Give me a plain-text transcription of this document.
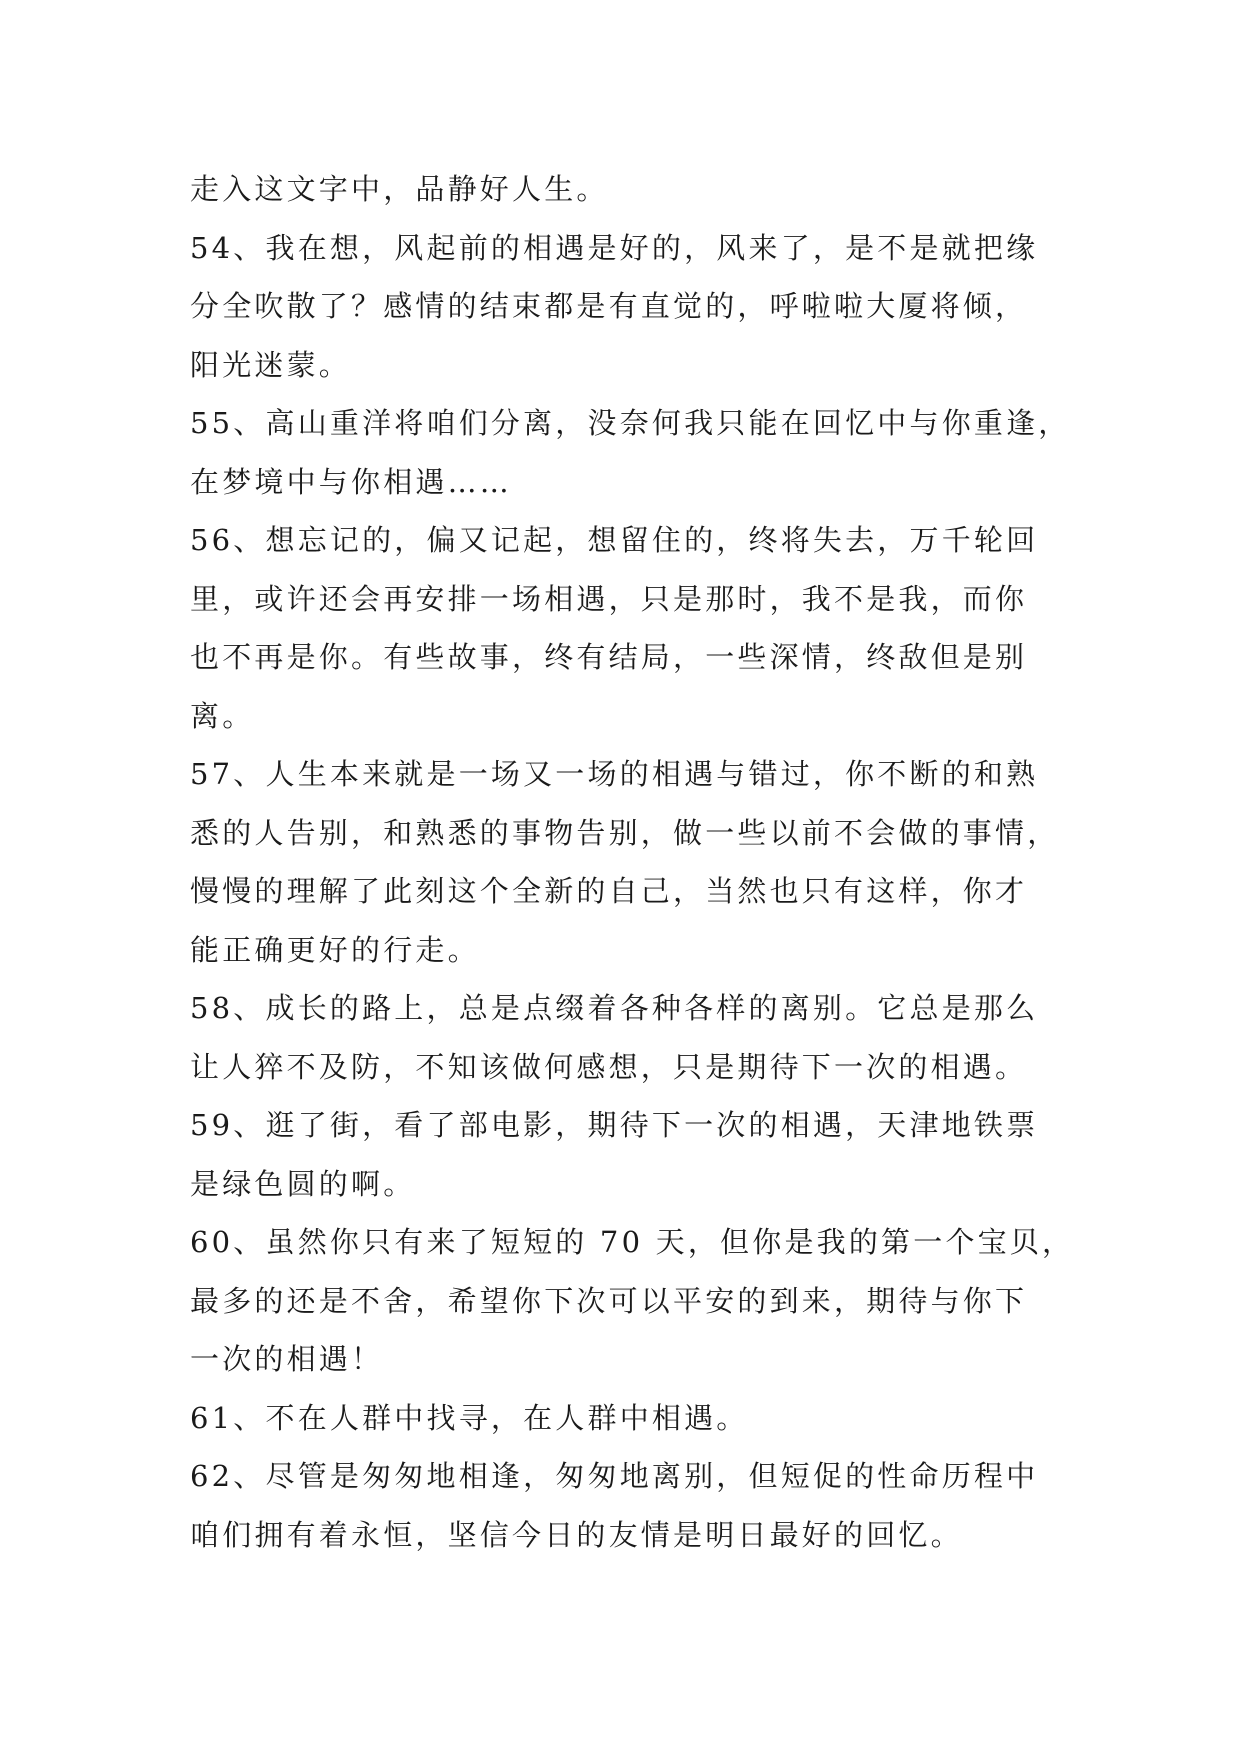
走入这文字中，品静好人生。
54、我在想，风起前的相遇是好的，风来了，是不是就把缘
分全吹散了？感情的结束都是有直觉的，呼啦啦大厦将倾，
阳光迷蒙。
55、高山重洋将咱们分离，没奈何我只能在回忆中与你重逢，
在梦境中与你相遇……
56、想忘记的，偏又记起，想留住的，终将失去，万千轮回
里，或许还会再安排一场相遇，只是那时，我不是我，而你
也不再是你。有些故事，终有结局，一些深情，终敌但是别
离。
57、人生本来就是一场又一场的相遇与错过，你不断的和熟
悉的人告别，和熟悉的事物告别，做一些以前不会做的事情，
慢慢的理解了此刻这个全新的自己，当然也只有这样，你才
能正确更好的行走。
58、成长的路上，总是点缀着各种各样的离别。它总是那么
让人猝不及防，不知该做何感想，只是期待下一次的相遇。
59、逛了街，看了部电影，期待下一次的相遇，天津地铁票
是绿色圆的啊。
60、虽然你只有来了短短的 70 天，但你是我的第一个宝贝，
最多的还是不舍，希望你下次可以平安的到来，期待与你下
一次的相遇！
61、不在人群中找寻，在人群中相遇。
62、尽管是匆匆地相逢，匆匆地离别，但短促的性命历程中
咱们拥有着永恒，坚信今日的友情是明日最好的回忆。
